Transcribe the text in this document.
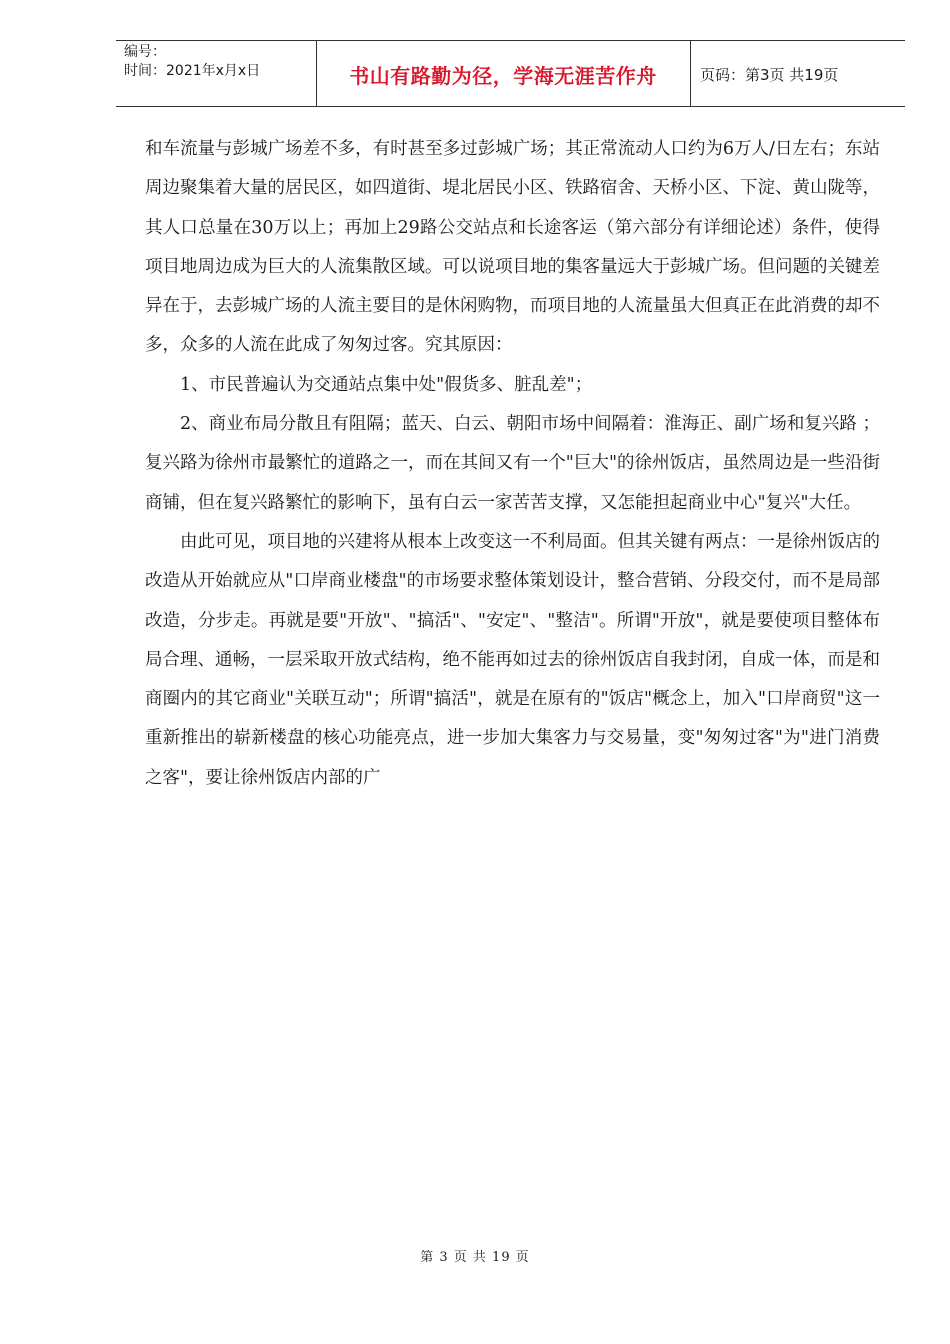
编号：
时间：2021年x月x日	书山有路勤为径，学海无涯苦作舟	页码：第3页 共19页

和车流量与彭城广场差不多，有时甚至多过彭城广场；其正常流动人口约为6万人/日左右；东站周边聚集着大量的居民区，如四道街、堤北居民小区、铁路宿舍、天桥小区、下淀、黄山陇等，其人口总量在30万以上；再加上29路公交站点和长途客运（第六部分有详细论述）条件，使得项目地周边成为巨大的人流集散区域。可以说项目地的集客量远大于彭城广场。但问题的关键差异在于，去彭城广场的人流主要目的是休闲购物，而项目地的人流量虽大但真正在此消费的却不多，众多的人流在此成了匆匆过客。究其原因：

1、市民普遍认为交通站点集中处"假货多、脏乱差"；

2、商业布局分散且有阻隔；蓝天、白云、朝阳市场中间隔着：淮海正、副广场和复兴路 ；复兴路为徐州市最繁忙的道路之一，而在其间又有一个"巨大"的徐州饭店，虽然周边是一些沿街商铺，但在复兴路繁忙的影响下，虽有白云一家苦苦支撑，又怎能担起商业中心"复兴"大任。

由此可见，项目地的兴建将从根本上改变这一不利局面。但其关键有两点：一是徐州饭店的改造从开始就应从"口岸商业楼盘"的市场要求整体策划设计，整合营销、分段交付，而不是局部改造，分步走。再就是要"开放"、"搞活"、"安定"、"整洁"。所谓"开放"，就是要使项目整体布局合理、通畅，一层采取开放式结构，绝不能再如过去的徐州饭店自我封闭，自成一体，而是和商圈内的其它商业"关联互动"；所谓"搞活"，就是在原有的"饭店"概念上，加入"口岸商贸"这一重新推出的崭新楼盘的核心功能亮点，进一步加大集客力与交易量，变"匆匆过客"为"进门消费之客"，要让徐州饭店内部的广

第 3 页 共 19 页
